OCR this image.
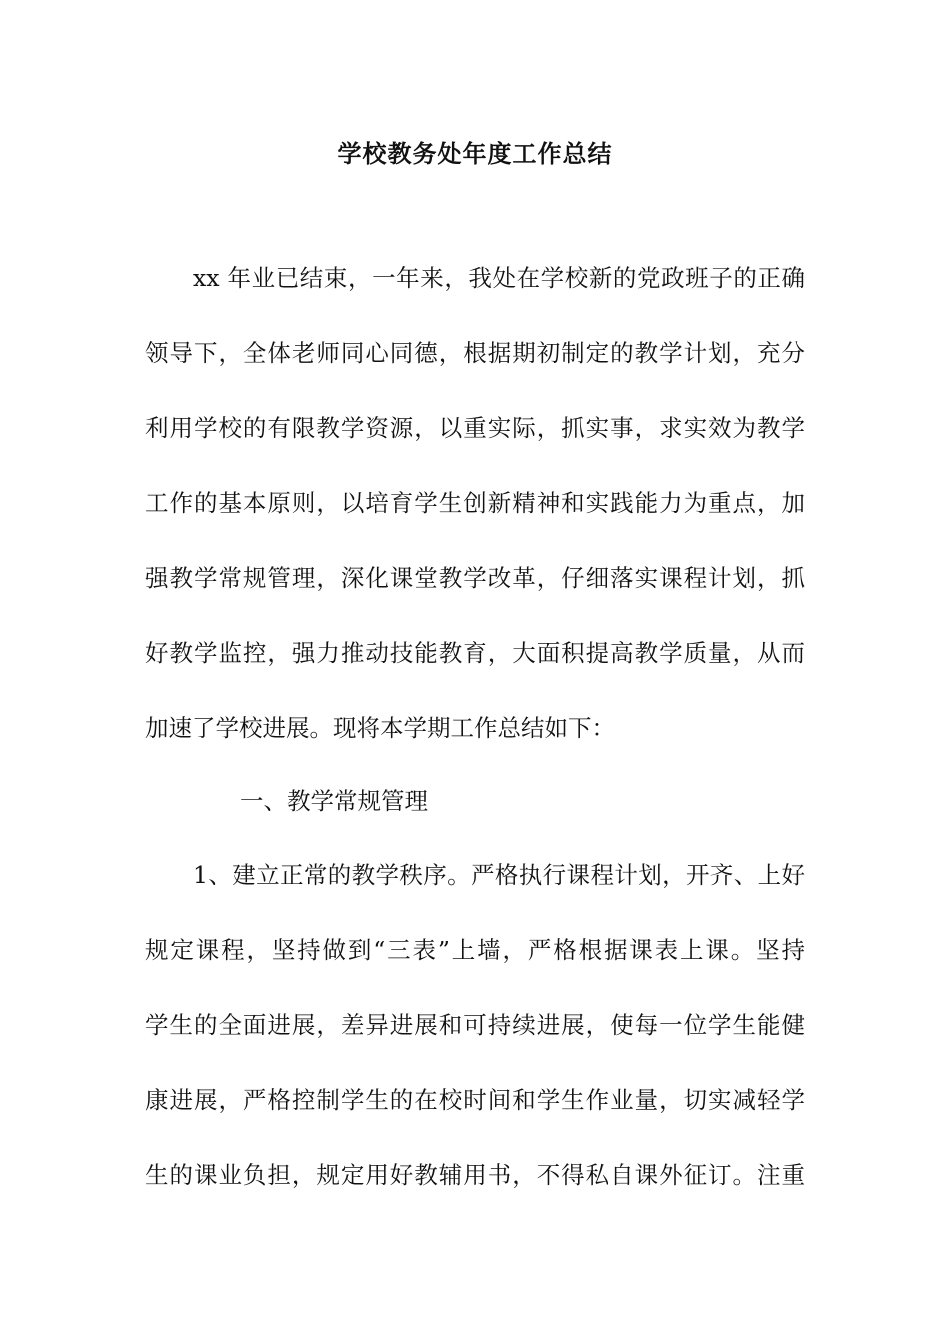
学校教务处年度工作总结
xx 年业已结束，一年来，我处在学校新的党政班子的正确
领导下，全体老师同心同德，根据期初制定的教学计划，充分
利用学校的有限教学资源，以重实际，抓实事，求实效为教学
工作的基本原则，以培育学生创新精神和实践能力为重点，加
强教学常规管理，深化课堂教学改革，仔细落实课程计划，抓
好教学监控，强力推动技能教育，大面积提高教学质量，从而
加速了学校进展。现将本学期工作总结如下：
一、教学常规管理
1、建立正常的教学秩序。严格执行课程计划，开齐、上好
规定课程，坚持做到“三表”上墙，严格根据课表上课。坚持
学生的全面进展，差异进展和可持续进展，使每一位学生能健
康进展，严格控制学生的在校时间和学生作业量，切实减轻学
生的课业负担，规定用好教辅用书，不得私自课外征订。注重
